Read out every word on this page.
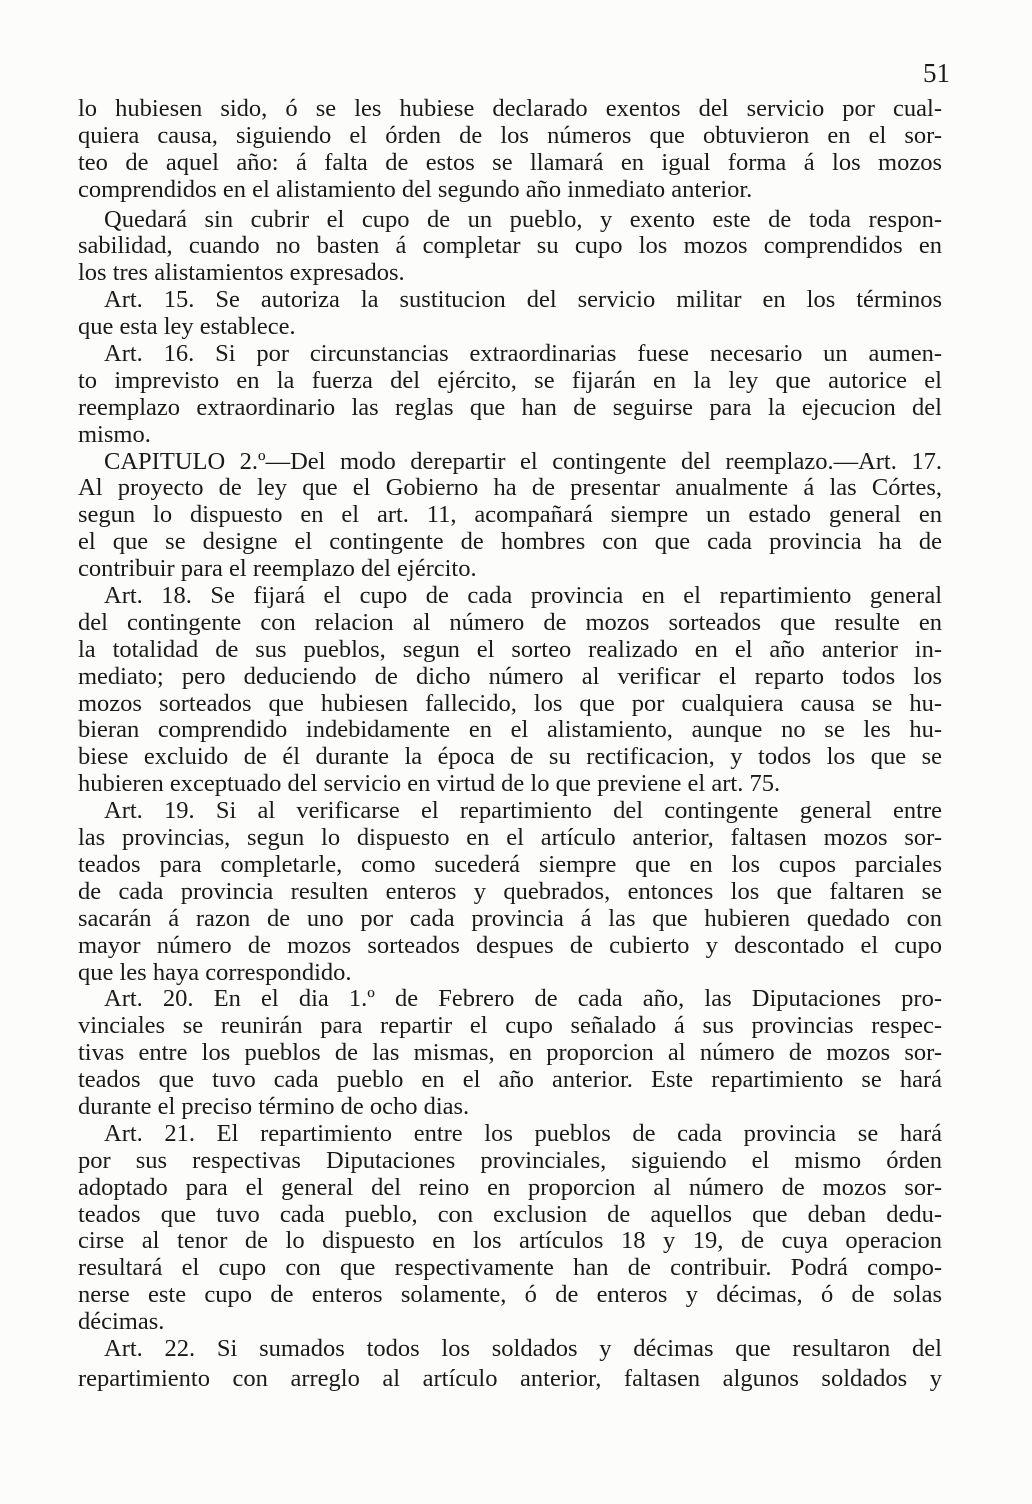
51
lo hubiesen sido, ó se les hubiese declarado exentos del servicio por cual-
quiera causa, siguiendo el órden de los números que obtuvieron en el sor-
teo de aquel año: á falta de estos se llamará en igual forma á los mozos
comprendidos en el alistamiento del segundo año inmediato anterior.
Quedará sin cubrir el cupo de un pueblo, y exento este de toda respon-
sabilidad, cuando no basten á completar su cupo los mozos comprendidos en
los tres alistamientos expresados.
Art. 15. Se autoriza la sustitucion del servicio militar en los términos
que esta ley establece.
Art. 16. Si por circunstancias extraordinarias fuese necesario un aumen-
to imprevisto en la fuerza del ejército, se fijarán en la ley que autorice el
reemplazo extraordinario las reglas que han de seguirse para la ejecucion del
mismo.
CAPITULO 2.º—Del modo derepartir el contingente del reemplazo.—Art. 17.
Al proyecto de ley que el Gobierno ha de presentar anualmente á las Córtes,
segun lo dispuesto en el art. 11, acompañará siempre un estado general en
el que se designe el contingente de hombres con que cada provincia ha de
contribuir para el reemplazo del ejército.
Art. 18. Se fijará el cupo de cada provincia en el repartimiento general
del contingente con relacion al número de mozos sorteados que resulte en
la totalidad de sus pueblos, segun el sorteo realizado en el año anterior in-
mediato; pero deduciendo de dicho número al verificar el reparto todos los
mozos sorteados que hubiesen fallecido, los que por cualquiera causa se hu-
bieran comprendido indebidamente en el alistamiento, aunque no se les hu-
biese excluido de él durante la época de su rectificacion, y todos los que se
hubieren exceptuado del servicio en virtud de lo que previene el art. 75.
Art. 19. Si al verificarse el repartimiento del contingente general entre
las provincias, segun lo dispuesto en el artículo anterior, faltasen mozos sor-
teados para completarle, como sucederá siempre que en los cupos parciales
de cada provincia resulten enteros y quebrados, entonces los que faltaren se
sacarán á razon de uno por cada provincia á las que hubieren quedado con
mayor número de mozos sorteados despues de cubierto y descontado el cupo
que les haya correspondido.
Art. 20. En el dia 1.º de Febrero de cada año, las Diputaciones pro-
vinciales se reunirán para repartir el cupo señalado á sus provincias respec-
tivas entre los pueblos de las mismas, en proporcion al número de mozos sor-
teados que tuvo cada pueblo en el año anterior. Este repartimiento se hará
durante el preciso término de ocho dias.
Art. 21. El repartimiento entre los pueblos de cada provincia se hará
por sus respectivas Diputaciones provinciales, siguiendo el mismo órden
adoptado para el general del reino en proporcion al número de mozos sor-
teados que tuvo cada pueblo, con exclusion de aquellos que deban dedu-
cirse al tenor de lo dispuesto en los artículos 18 y 19, de cuya operacion
resultará el cupo con que respectivamente han de contribuir. Podrá compo-
nerse este cupo de enteros solamente, ó de enteros y décimas, ó de solas
décimas.
Art. 22. Si sumados todos los soldados y décimas que resultaron del
repartimiento con arreglo al artículo anterior, faltasen algunos soldados y
